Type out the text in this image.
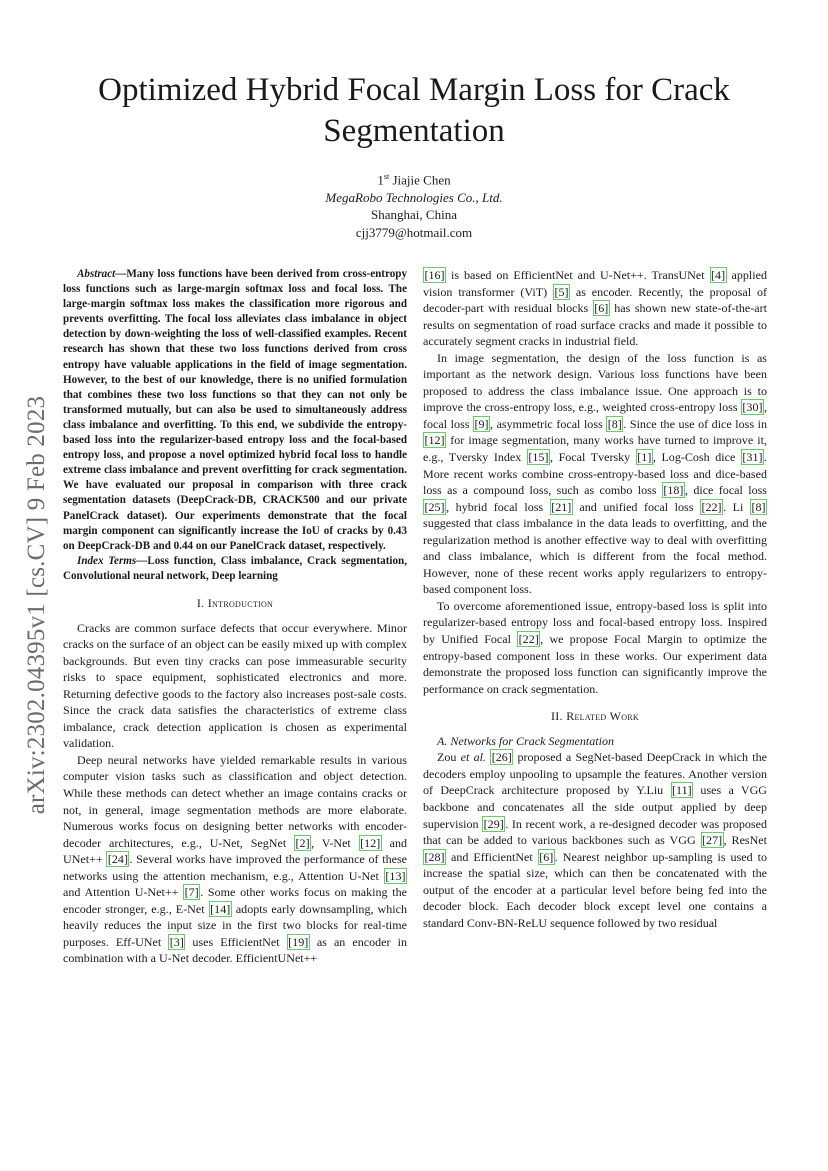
Optimized Hybrid Focal Margin Loss for Crack Segmentation
1st Jiajie Chen
MegaRobo Technologies Co., Ltd.
Shanghai, China
cjj3779@hotmail.com
arXiv:2302.04395v1 [cs.CV] 9 Feb 2023

Abstract—Many loss functions have been derived from cross-entropy loss functions such as large-margin softmax loss and focal loss. The large-margin softmax loss makes the classification more rigorous and prevents overfitting. The focal loss alleviates class imbalance in object detection by down-weighting the loss of well-classified examples. Recent research has shown that these two loss functions derived from cross entropy have valuable applications in the field of image segmentation. However, to the best of our knowledge, there is no unified formulation that combines these two loss functions so that they can not only be transformed mutually, but can also be used to simultaneously address class imbalance and overfitting. To this end, we subdivide the entropy-based loss into the regularizer-based entropy loss and the focal-based entropy loss, and propose a novel optimized hybrid focal loss to handle extreme class imbalance and prevent overfitting for crack segmentation. We have evaluated our proposal in comparison with three crack segmentation datasets (DeepCrack-DB, CRACK500 and our private PanelCrack dataset). Our experiments demonstrate that the focal margin component can significantly increase the IoU of cracks by 0.43 on DeepCrack-DB and 0.44 on our PanelCrack dataset, respectively.

Index Terms—Loss function, Class imbalance, Crack segmentation, Convolutional neural network, Deep learning

I. Introduction

Cracks are common surface defects that occur everywhere. Minor cracks on the surface of an object can be easily mixed up with complex backgrounds. But even tiny cracks can pose immeasurable security risks to space equipment, sophisticated electronics and more. Returning defective goods to the factory also increases post-sale costs. Since the crack data satisfies the characteristics of extreme class imbalance, crack detection application is chosen as experimental validation.

Deep neural networks have yielded remarkable results in various computer vision tasks such as classification and object detection. While these methods can detect whether an image contains cracks or not, in general, image segmentation methods are more elaborate. Numerous works focus on designing better networks with encoder-decoder architectures, e.g., U-Net, SegNet [2] , V-Net [12] and UNet++ [24] . Several works have improved the performance of these networks using the attention mechanism, e.g., Attention U-Net [13] and Attention U-Net++ [7] . Some other works focus on making the encoder stronger, e.g., E-Net [14] adopts early downsampling, which heavily reduces the input size in the first two blocks for real-time purposes. Eff-UNet [3] uses EfficientNet [19] as an encoder in combination with a U-Net decoder. EfficientUNet++

[16] is based on EfficientNet and U-Net++. TransUNet [4] applied vision transformer (ViT) [5] as encoder. Recently, the proposal of decoder-part with residual blocks [6] has shown new state-of-the-art results on segmentation of road surface cracks and made it possible to accurately segment cracks in industrial field.

In image segmentation, the design of the loss function is as important as the network design. Various loss functions have been proposed to address the class imbalance issue. One approach is to improve the cross-entropy loss, e.g., weighted cross-entropy loss [30] , focal loss [9] , asymmetric focal loss [8] . Since the use of dice loss in [12] for image segmentation, many works have turned to improve it, e.g., Tversky Index [15] , Focal Tversky [1] , Log-Cosh dice [31] . More recent works combine cross-entropy-based loss and dice-based loss as a compound loss, such as combo loss [18] , dice focal loss [25] , hybrid focal loss [21] and unified focal loss [22] . Li [8] suggested that class imbalance in the data leads to overfitting, and the regularization method is another effective way to deal with overfitting and class imbalance, which is different from the focal method. However, none of these recent works apply regularizers to entropy-based component loss.

To overcome aforementioned issue, entropy-based loss is split into regularizer-based entropy loss and focal-based entropy loss. Inspired by Unified Focal [22] , we propose Focal Margin to optimize the entropy-based component loss in these works. Our experiment data demonstrate the proposed loss function can significantly improve the performance on crack segmentation.

II. Related Work

A. Networks for Crack Segmentation

Zou et al. [26] proposed a SegNet-based DeepCrack in which the decoders employ unpooling to upsample the features. Another version of DeepCrack architecture proposed by Y.Liu [11] uses a VGG backbone and concatenates all the side output applied by deep supervision [29] . In recent work, a re-designed decoder was proposed that can be added to various backbones such as VGG [27] , ResNet [28] and EfficientNet [6] . Nearest neighbor up-sampling is used to increase the spatial size, which can then be concatenated with the output of the encoder at a particular level before being fed into the decoder block. Each decoder block except level one contains a standard Conv-BN-ReLU sequence followed by two residual
